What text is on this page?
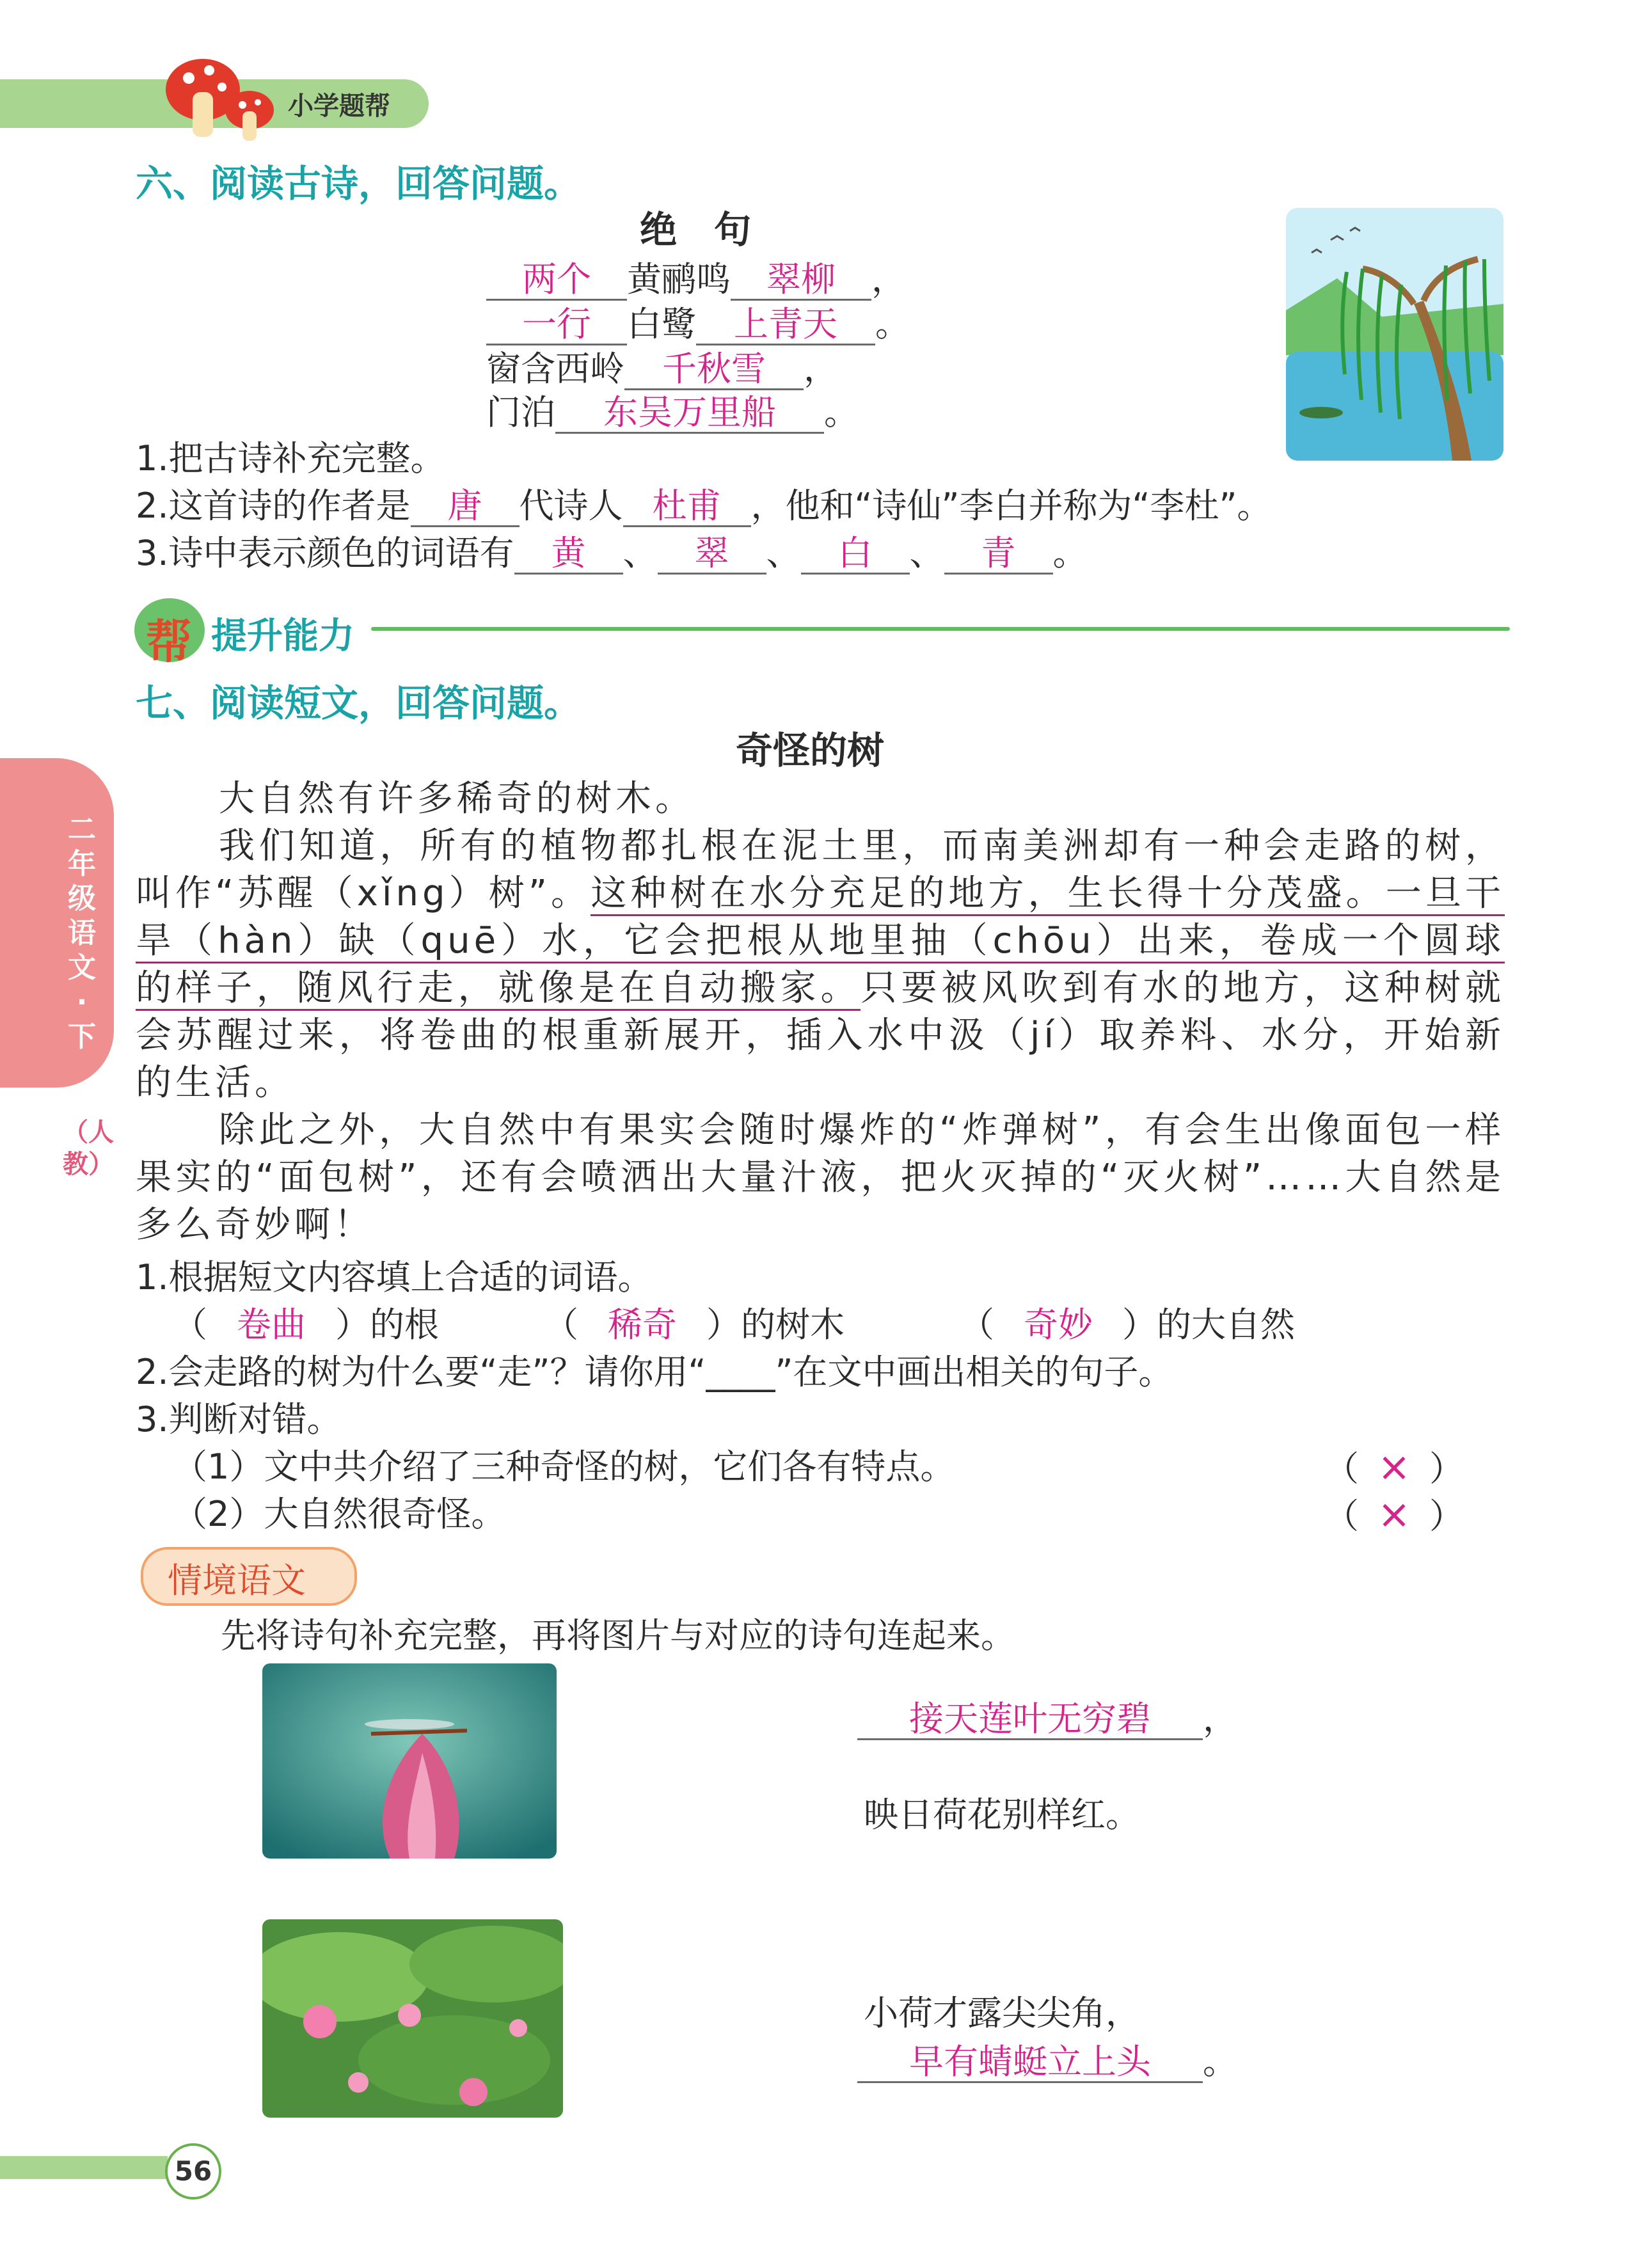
小学题帮
二年级语文·下
（人教）
六、阅读古诗，回答问题。
绝　句
两个 黄鹂鸣 翠柳 ，
一行 白鹭 上青天 。
窗含西岭 千秋雪 ，
门泊 东吴万里船 。
1.把古诗补充完整。
2.这首诗的作者是 唐 代诗人 杜甫 ，他和“诗仙”李白并称为“李杜”。
3.诗中表示颜色的词语有 黄 、 翠 、 白 、 青 。
帮 提升能力
七、阅读短文，回答问题。
奇怪的树
大自然有许多稀奇的树木。
我们知道，所有的植物都扎根在泥土里，而南美洲却有一种会走路的树，叫作“苏醒（xǐng）树”。这种树在水分充足的地方，生长得十分茂盛。一旦干旱（hàn）缺（quē）水，它会把根从地里抽（chōu）出来，卷成一个圆球的样子，随风行走，就像是在自动搬家。只要被风吹到有水的地方，这种树就会苏醒过来，将卷曲的根重新展开，插入水中汲（jí）取养料、水分，开始新的生活。
除此之外，大自然中有果实会随时爆炸的“炸弹树”，有会生出像面包一样果实的“面包树”，还有会喷洒出大量汁液，把火灭掉的“灭火树”……大自然是多么奇妙啊！
1.根据短文内容填上合适的词语。
（ 卷曲 ）的根	（ 稀奇 ）的树木	（ 奇妙 ）的大自然
2.会走路的树为什么要“走”？请你用“____”在文中画出相关的句子。
3.判断对错。
（1）文中共介绍了三种奇怪的树，它们各有特点。	（ × ）
（2）大自然很奇怪。	（ × ）
情境语文
先将诗句补充完整，再将图片与对应的诗句连起来。
接天莲叶无穷碧 ，
映日荷花别样红。
小荷才露尖尖角，
早有蜻蜓立上头 。
56
